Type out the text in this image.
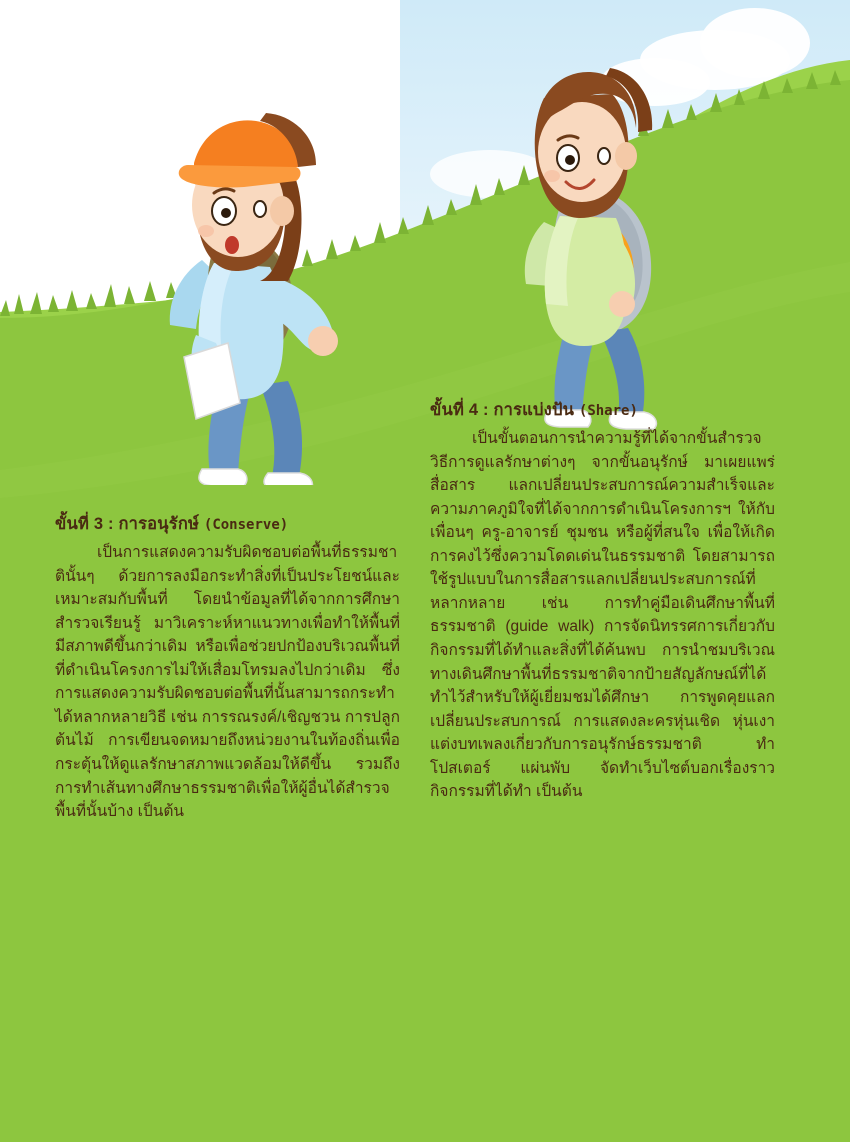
ขั้นที่ 3 : การอนุรักษ์ (Conserve)

เป็นการแสดงความรับผิดชอบต่อพื้นที่ธรรมชาตินั้นๆ ด้วยการลงมือกระทำสิ่งที่เป็นประโยชน์และเหมาะสมกับพื้นที่ โดยนำข้อมูลที่ได้จากการศึกษา สำรวจเรียนรู้ มาวิเคราะห์หาแนวทางเพื่อทำให้พื้นที่มีสภาพดีขึ้นกว่าเดิม หรือเพื่อช่วยปกป้องบริเวณพื้นที่ที่ดำเนินโครงการไม่ให้เสื่อมโทรมลงไปกว่าเดิม ซึ่งการแสดงความรับผิดชอบต่อพื้นที่นั้นสามารถกระทำได้หลากหลายวิธี เช่น การรณรงค์/เชิญชวน การปลูกต้นไม้ การเขียนจดหมายถึงหน่วยงานในท้องถิ่นเพื่อกระตุ้นให้ดูแลรักษาสภาพแวดล้อมให้ดีขึ้น รวมถึงการทำเส้นทางศึกษาธรรมชาติเพื่อให้ผู้อื่นได้สำรวจพื้นที่นั้นบ้าง เป็นต้น

ขั้นที่ 4 : การแบ่งปัน (Share)

เป็นขั้นตอนการนำความรู้ที่ได้จากขั้นสำรวจวิธีการดูแลรักษาต่างๆ จากขั้นอนุรักษ์ มาเผยแพร่ สื่อสาร แลกเปลี่ยนประสบการณ์ความสำเร็จและความภาคภูมิใจที่ได้จากการดำเนินโครงการฯ ให้กับเพื่อนๆ ครู-อาจารย์ ชุมชน หรือผู้ที่สนใจ เพื่อให้เกิดการคงไว้ซึ่งความโดดเด่นในธรรมชาติ โดยสามารถใช้รูปแบบในการสื่อสารแลกเปลี่ยนประสบการณ์ที่หลากหลาย เช่น การทำคู่มือเดินศึกษาพื้นที่ธรรมชาติ (guide walk) การจัดนิทรรศการเกี่ยวกับกิจกรรมที่ได้ทำและสิ่งที่ได้ค้นพบ การนำชมบริเวณทางเดินศึกษาพื้นที่ธรรมชาติจากป้ายสัญลักษณ์ที่ได้ทำไว้สำหรับให้ผู้เยี่ยมชมได้ศึกษา การพูดคุยแลกเปลี่ยนประสบการณ์ การแสดงละครหุ่นเชิด หุ่นเงา แต่งบทเพลงเกี่ยวกับการอนุรักษ์ธรรมชาติ ทำโปสเตอร์ แผ่นพับ จัดทำเว็บไซต์บอกเรื่องราวกิจกรรมที่ได้ทำ เป็นต้น
